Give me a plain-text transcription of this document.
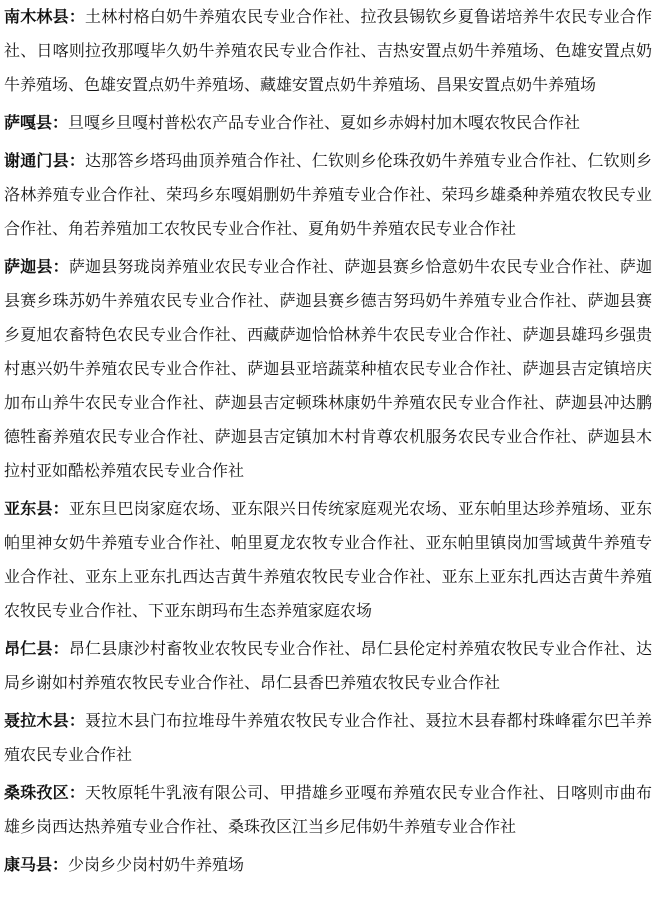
南木林县：土林村格白奶牛养殖农民专业合作社、拉孜县锡钦乡夏鲁诺培养牛农民专业合作社、日喀则拉孜那嘎毕久奶牛养殖农民专业合作社、吉热安置点奶牛养殖场、色雄安置点奶牛养殖场、色雄安置点奶牛养殖场、藏雄安置点奶牛养殖场、昌果安置点奶牛养殖场

萨嘎县：旦嘎乡旦嘎村普松农产品专业合作社、夏如乡赤姆村加木嘎农牧民合作社

谢通门县：达那答乡塔玛曲顶养殖合作社、仁钦则乡伦珠孜奶牛养殖专业合作社、仁钦则乡洛林养殖专业合作社、荣玛乡东嘎娟删奶牛养殖专业合作社、荣玛乡雄桑种养殖农牧民专业合作社、角若养殖加工农牧民专业合作社、夏角奶牛养殖农民专业合作社

萨迦县：萨迦县努珑岗养殖业农民专业合作社、萨迦县赛乡恰意奶牛农民专业合作社、萨迦县赛乡珠苏奶牛养殖农民专业合作社、萨迦县赛乡德吉努玛奶牛养殖专业合作社、萨迦县赛乡夏旭农畜特色农民专业合作社、西藏萨迦恰恰林养牛农民专业合作社、萨迦县雄玛乡强贵村惠兴奶牛养殖农民专业合作社、萨迦县亚培蔬菜种植农民专业合作社、萨迦县吉定镇培庆加布山养牛农民专业合作社、萨迦县吉定顿珠林康奶牛养殖农民专业合作社、萨迦县冲达鹏德牲畜养殖农民专业合作社、萨迦县吉定镇加木村肯尊农机服务农民专业合作社、萨迦县木拉村亚如酷松养殖农民专业合作社

亚东县：亚东旦巴岗家庭农场、亚东限兴日传统家庭观光农场、亚东帕里达珍养殖场、亚东帕里神女奶牛养殖专业合作社、帕里夏龙农牧专业合作社、亚东帕里镇岗加雪域黄牛养殖专业合作社、亚东上亚东扎西达吉黄牛养殖农牧民专业合作社、亚东上亚东扎西达吉黄牛养殖农牧民专业合作社、下亚东朗玛布生态养殖家庭农场

昂仁县：昂仁县康沙村畜牧业农牧民专业合作社、昂仁县伦定村养殖农牧民专业合作社、达局乡谢如村养殖农牧民专业合作社、昂仁县香巴养殖农牧民专业合作社

聂拉木县：聂拉木县门布拉堆母牛养殖农牧民专业合作社、聂拉木县春都村珠峰霍尔巴羊养殖农民专业合作社

桑珠孜区：天牧原牦牛乳液有限公司、甲措雄乡亚嘎布养殖农民专业合作社、日喀则市曲布雄乡岗西达热养殖专业合作社、桑珠孜区江当乡尼伟奶牛养殖专业合作社

康马县：少岗乡少岗村奶牛养殖场
